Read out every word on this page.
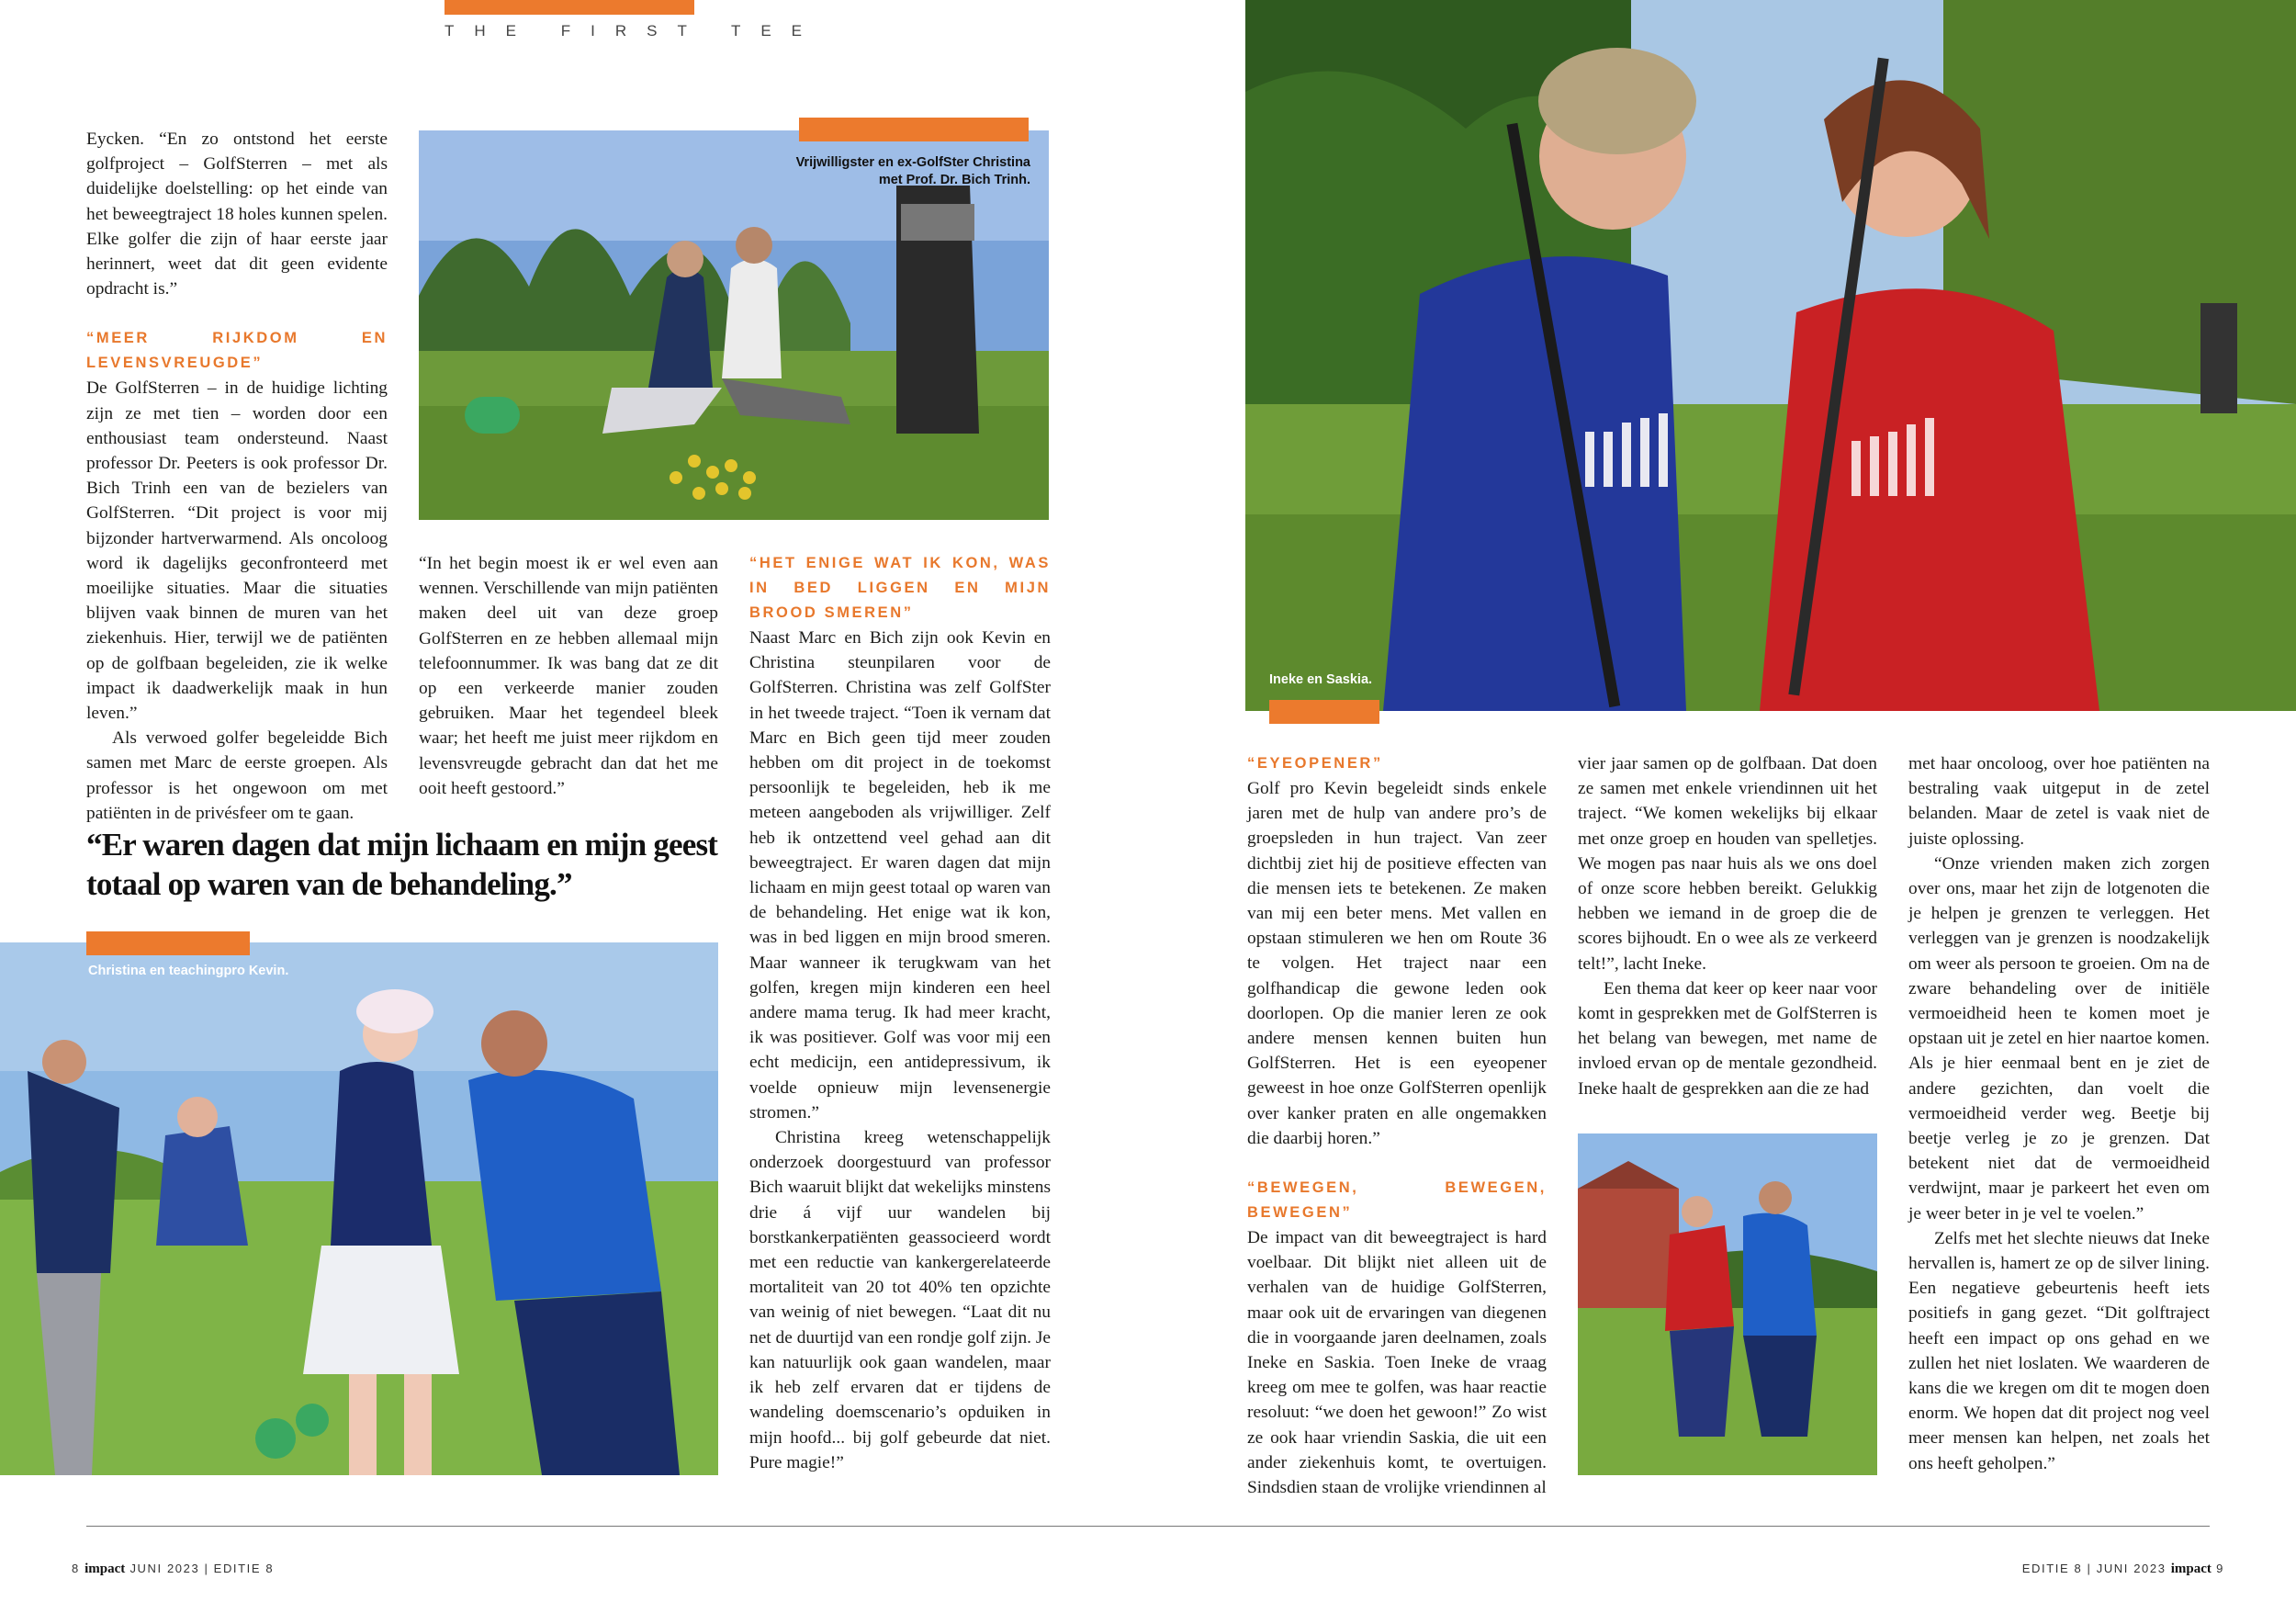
THE FIRST TEE

Eycken. “En zo ontstond het eerste golfproject – GolfSterren – met als duidelijke doelstelling: op het einde van het beweegtraject 18 holes kunnen spelen. Elke golfer die zijn of haar eerste jaar herinnert, weet dat dit geen evidente opdracht is.”

“MEER RIJKDOM EN LEVENSVREUGDE”

De GolfSterren – in de huidige lichting zijn ze met tien – worden door een enthousiast team ondersteund. Naast professor Dr. Peeters is ook professor Dr. Bich Trinh een van de bezielers van GolfSterren. “Dit project is voor mij bijzonder hartverwarmend. Als oncoloog word ik dagelijks geconfronteerd met moeilijke situaties. Maar die situaties blijven vaak binnen de muren van het ziekenhuis. Hier, terwijl we de patiënten op de golfbaan begeleiden, zie ik welke impact ik daadwerkelijk maak in hun leven.”

Als verwoed golfer begeleidde Bich samen met Marc de eerste groepen. Als professor is het ongewoon om met patiënten in de privésfeer om te gaan.

Vrijwilligster en ex-GolfSter Christina met Prof. Dr. Bich Trinh.

“In het begin moest ik er wel even aan wennen. Verschillende van mijn patiënten maken deel uit van deze groep GolfSterren en ze hebben allemaal mijn telefoonnummer. Ik was bang dat ze dit op een verkeerde manier zouden gebruiken. Maar het tegendeel bleek waar; het heeft me juist meer rijkdom en levensvreugde gebracht dan dat het me ooit heeft gestoord.”

“HET ENIGE WAT IK KON, WAS IN BED LIGGEN EN MIJN BROOD SMEREN”

Naast Marc en Bich zijn ook Kevin en Christina steunpilaren voor de GolfSterren. Christina was zelf GolfSter in het tweede traject. “Toen ik vernam dat Marc en Bich geen tijd meer zouden hebben om dit project in de toekomst persoonlijk te begeleiden, heb ik me meteen aangeboden als vrijwilliger. Zelf heb ik ontzettend veel gehad aan dit beweegtraject. Er waren dagen dat mijn lichaam en mijn geest totaal op waren van de behandeling. Het enige wat ik kon, was in bed liggen en mijn brood smeren. Maar wanneer ik terugkwam van het golfen, kregen mijn kinderen een heel andere mama terug. Ik had meer kracht, ik was positiever. Golf was voor mij een echt medicijn, een antidepressivum, ik voelde opnieuw mijn levensenergie stromen.”

Christina kreeg wetenschappelijk onderzoek doorgestuurd van professor Bich waaruit blijkt dat wekelijks minstens drie á vijf uur wandelen bij borstkankerpatiënten geassocieerd wordt met een reductie van kankergerelateerde mortaliteit van 20 tot 40% ten opzichte van weinig of niet bewegen. “Laat dit nu net de duurtijd van een rondje golf zijn. Je kan natuurlijk ook gaan wandelen, maar ik heb zelf ervaren dat er tijdens de wandeling doemscenario’s opduiken in mijn hoofd... bij golf gebeurde dat niet. Pure magie!”

“Er waren dagen dat mijn lichaam en mijn geest totaal op waren van de behandeling.”

Christina en teachingpro Kevin.

Ineke en Saskia.

“EYEOPENER”

Golf pro Kevin begeleidt sinds enkele jaren met de hulp van andere pro’s de groepsleden in hun traject. Van zeer dichtbij ziet hij de positieve effecten van die mensen iets te betekenen. Ze maken van mij een beter mens. Met vallen en opstaan stimuleren we hen om Route 36 te volgen. Het traject naar een golfhandicap die gewone leden ook doorlopen. Op die manier leren ze ook andere mensen kennen buiten hun GolfSterren. Het is een eyeopener geweest in hoe onze GolfSterren openlijk over kanker praten en alle ongemakken die daarbij horen.”

“BEWEGEN, BEWEGEN, BEWEGEN”

De impact van dit beweegtraject is hard voelbaar. Dit blijkt niet alleen uit de verhalen van de huidige GolfSterren, maar ook uit de ervaringen van diegenen die in voorgaande jaren deelnamen, zoals Ineke en Saskia. Toen Ineke de vraag kreeg om mee te golfen, was haar reactie resoluut: “we doen het gewoon!” Zo wist ze ook haar vriendin Saskia, die uit een ander ziekenhuis komt, te overtuigen. Sindsdien staan de vrolijke vriendinnen al

vier jaar samen op de golfbaan. Dat doen ze samen met enkele vriendinnen uit het traject. “We komen wekelijks bij elkaar met onze groep en houden van spelletjes. We mogen pas naar huis als we ons doel of onze score hebben bereikt. Gelukkig hebben we iemand in de groep die de scores bijhoudt. En o wee als ze verkeerd telt!”, lacht Ineke.

Een thema dat keer op keer naar voor komt in gesprekken met de GolfSterren is het belang van bewegen, met name de invloed ervan op de mentale gezondheid. Ineke haalt de gesprekken aan die ze had

met haar oncoloog, over hoe patiënten na bestraling vaak uitgeput in de zetel belanden. Maar de zetel is vaak niet de juiste oplossing.

“Onze vrienden maken zich zorgen over ons, maar het zijn de lotgenoten die je helpen je grenzen te verleggen. Het verleggen van je grenzen is noodzakelijk om weer als persoon te groeien. Om na de zware behandeling over de initiële vermoeidheid heen te komen moet je opstaan uit je zetel en hier naartoe komen. Als je hier eenmaal bent en je ziet de andere gezichten, dan voelt die vermoeidheid verder weg. Beetje bij beetje verleg je zo je grenzen. Dat betekent niet dat de vermoeidheid verdwijnt, maar je parkeert het even om je weer beter in je vel te voelen.”

Zelfs met het slechte nieuws dat Ineke hervallen is, hamert ze op de silver lining. Een negatieve gebeurtenis heeft iets positiefs in gang gezet. “Dit golftraject heeft een impact op ons gehad en we zullen het niet loslaten. We waarderen de kans die we kregen om dit te mogen doen enorm. We hopen dat dit project nog veel meer mensen kan helpen, net zoals het ons heeft geholpen.”

8 impact JUNI 2023 | EDITIE 8	EDITIE 8 | JUNI 2023 impact 9
